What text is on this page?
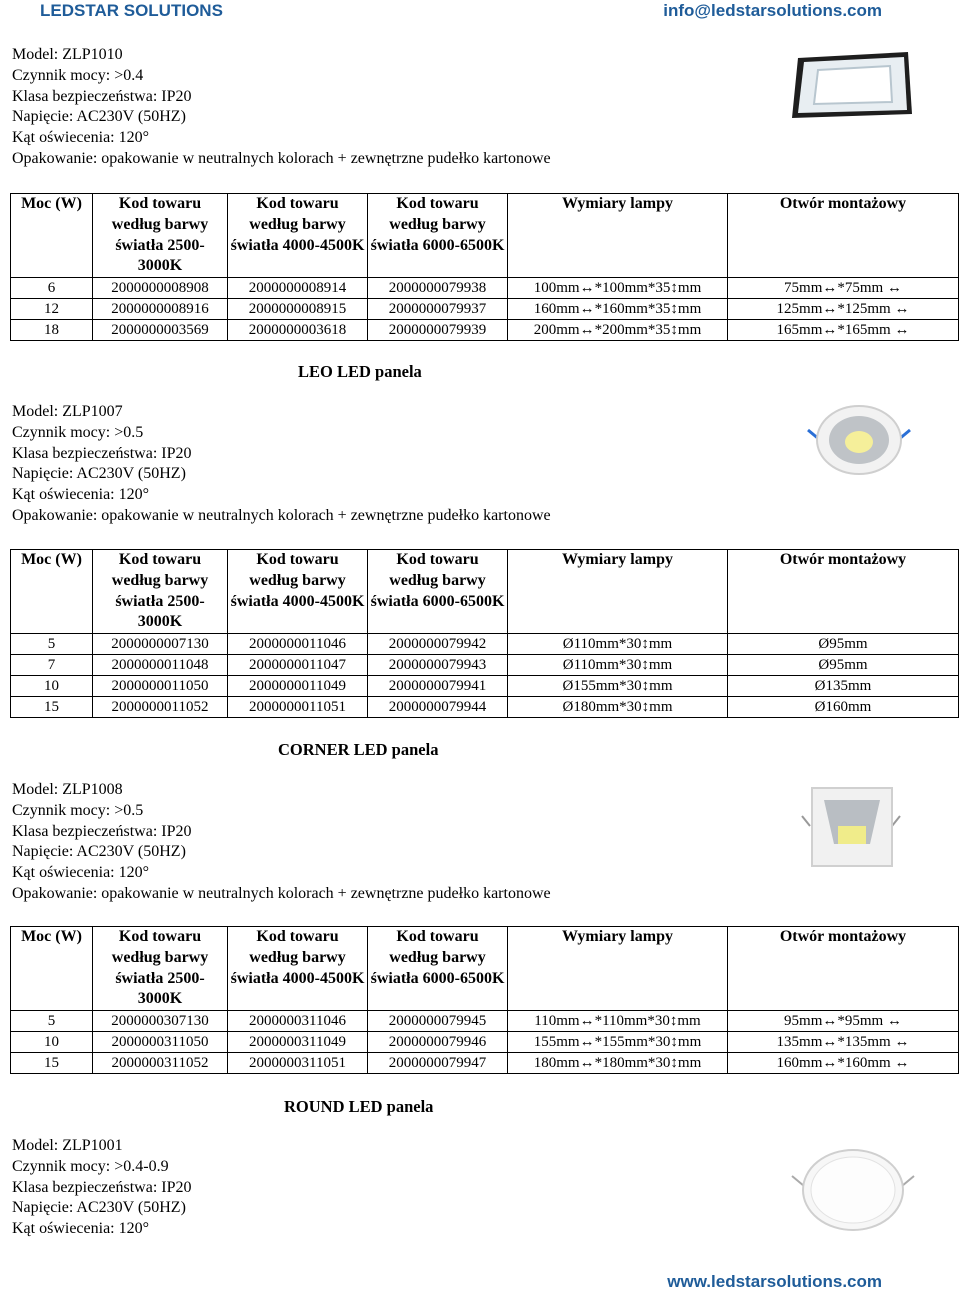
LEDSTAR SOLUTIONS	info@ledstarsolutions.com
Model: ZLP1010
Czynnik mocy: >0.4
Klasa bezpieczeństwa: IP20
Napięcie: AC230V (50HZ)
Kąt oświecenia: 120°
Opakowanie: opakowanie w neutralnych kolorach + zewnętrzne pudełko kartonowe
Moc (W)	Kod towaru według barwy światła 2500-3000K	Kod towaru według barwy światła 4000-4500K	Kod towaru według barwy światła 6000-6500K	Wymiary lampy	Otwór montażowy
6	2000000008908	2000000008914	2000000079938	100mm↔*100mm*35↕mm	75mm↔*75mm ↔
12	2000000008916	2000000008915	2000000079937	160mm↔*160mm*35↕mm	125mm↔*125mm ↔
18	2000000003569	2000000003618	2000000079939	200mm↔*200mm*35↕mm	165mm↔*165mm ↔
LEO LED panela
Model: ZLP1007
Czynnik mocy: >0.5
Klasa bezpieczeństwa: IP20
Napięcie: AC230V (50HZ)
Kąt oświecenia: 120°
Opakowanie: opakowanie w neutralnych kolorach + zewnętrzne pudełko kartonowe
Moc (W)	Kod towaru według barwy światła 2500-3000K	Kod towaru według barwy światła 4000-4500K	Kod towaru według barwy światła 6000-6500K	Wymiary lampy	Otwór montażowy
5	2000000007130	2000000011046	2000000079942	Ø110mm*30↕mm	Ø95mm
7	2000000011048	2000000011047	2000000079943	Ø110mm*30↕mm	Ø95mm
10	2000000011050	2000000011049	2000000079941	Ø155mm*30↕mm	Ø135mm
15	2000000011052	2000000011051	2000000079944	Ø180mm*30↕mm	Ø160mm
CORNER LED panela
Model: ZLP1008
Czynnik mocy: >0.5
Klasa bezpieczeństwa: IP20
Napięcie: AC230V (50HZ)
Kąt oświecenia: 120°
Opakowanie: opakowanie w neutralnych kolorach + zewnętrzne pudełko kartonowe
Moc (W)	Kod towaru według barwy światła 2500-3000K	Kod towaru według barwy światła 4000-4500K	Kod towaru według barwy światła 6000-6500K	Wymiary lampy	Otwór montażowy
5	2000000307130	2000000311046	2000000079945	110mm↔*110mm*30↕mm	95mm↔*95mm ↔
10	2000000311050	2000000311049	2000000079946	155mm↔*155mm*30↕mm	135mm↔*135mm ↔
15	2000000311052	2000000311051	2000000079947	180mm↔*180mm*30↕mm	160mm↔*160mm ↔
ROUND LED panela
Model: ZLP1001
Czynnik mocy: >0.4-0.9
Klasa bezpieczeństwa: IP20
Napięcie: AC230V (50HZ)
Kąt oświecenia: 120°
www.ledstarsolutions.com
